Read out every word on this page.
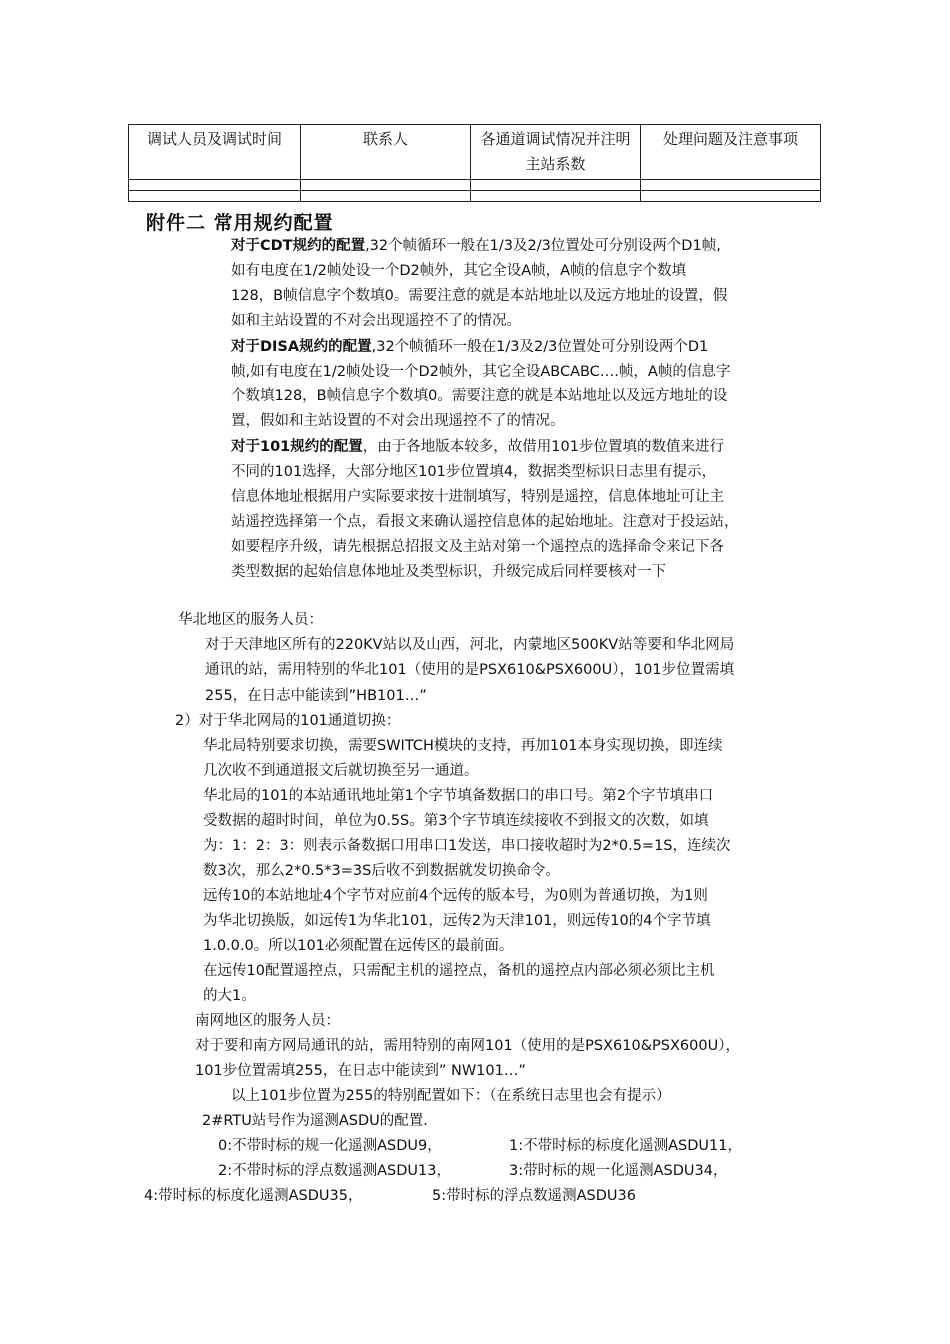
调试人员及调试时间	联系人	各通道调试情况并注明主站系数	处理问题及注意事项

附件二 常用规约配置
对于CDT规约的配置,32个帧循环一般在1/3及2/3位置处可分别设两个D1帧,
如有电度在1/2帧处设一个D2帧外，其它全设A帧，A帧的信息字个数填
128，B帧信息字个数填0。需要注意的就是本站地址以及远方地址的设置，假
如和主站设置的不对会出现遥控不了的情况。
对于DISA规约的配置,32个帧循环一般在1/3及2/3位置处可分别设两个D1
帧,如有电度在1/2帧处设一个D2帧外，其它全设ABCABC….帧，A帧的信息字
个数填128，B帧信息字个数填0。需要注意的就是本站地址以及远方地址的设
置，假如和主站设置的不对会出现遥控不了的情况。
对于101规约的配置，由于各地版本较多，故借用101步位置填的数值来进行
不同的101选择，大部分地区101步位置填4，数据类型标识日志里有提示，
信息体地址根据用户实际要求按十进制填写，特别是遥控，信息体地址可让主
站遥控选择第一个点，看报文来确认遥控信息体的起始地址。注意对于投运站，
如要程序升级，请先根据总招报文及主站对第一个遥控点的选择命令来记下各
类型数据的起始信息体地址及类型标识，升级完成后同样要核对一下
华北地区的服务人员：
对于天津地区所有的220KV站以及山西，河北，内蒙地区500KV站等要和华北网局
通讯的站，需用特别的华北101（使用的是PSX610&PSX600U），101步位置需填
255，在日志中能读到”HB101…”
2）对于华北网局的101通道切换：
华北局特别要求切换，需要SWITCH模块的支持，再加101本身实现切换，即连续
几次收不到通道报文后就切换至另一通道。
华北局的101的本站通讯地址第1个字节填备数据口的串口号。第2个字节填串口
受数据的超时时间，单位为0.5S。第3个字节填连续接收不到报文的次数，如填
为：1：2：3：则表示备数据口用串口1发送，串口接收超时为2*0.5=1S，连续次
数3次，那么2*0.5*3=3S后收不到数据就发切换命令。
远传10的本站地址4个字节对应前4个远传的版本号，为0则为普通切换，为1则
为华北切换版，如远传1为华北101，远传2为天津101，则远传10的4个字节填
1.0.0.0。所以101必须配置在远传区的最前面。
在远传10配置遥控点，只需配主机的遥控点，备机的遥控点内部必须必须比主机
的大1。
南网地区的服务人员：
对于要和南方网局通讯的站，需用特别的南网101（使用的是PSX610&PSX600U），
101步位置需填255，在日志中能读到” NW101…”
以上101步位置为255的特别配置如下：（在系统日志里也会有提示）
2#RTU站号作为遥测ASDU的配置.
0:不带时标的规一化遥测ASDU9，	1:不带时标的标度化遥测ASDU11，
2:不带时标的浮点数遥测ASDU13，	3:带时标的规一化遥测ASDU34，
4:带时标的标度化遥测ASDU35，	5:带时标的浮点数遥测ASDU36
